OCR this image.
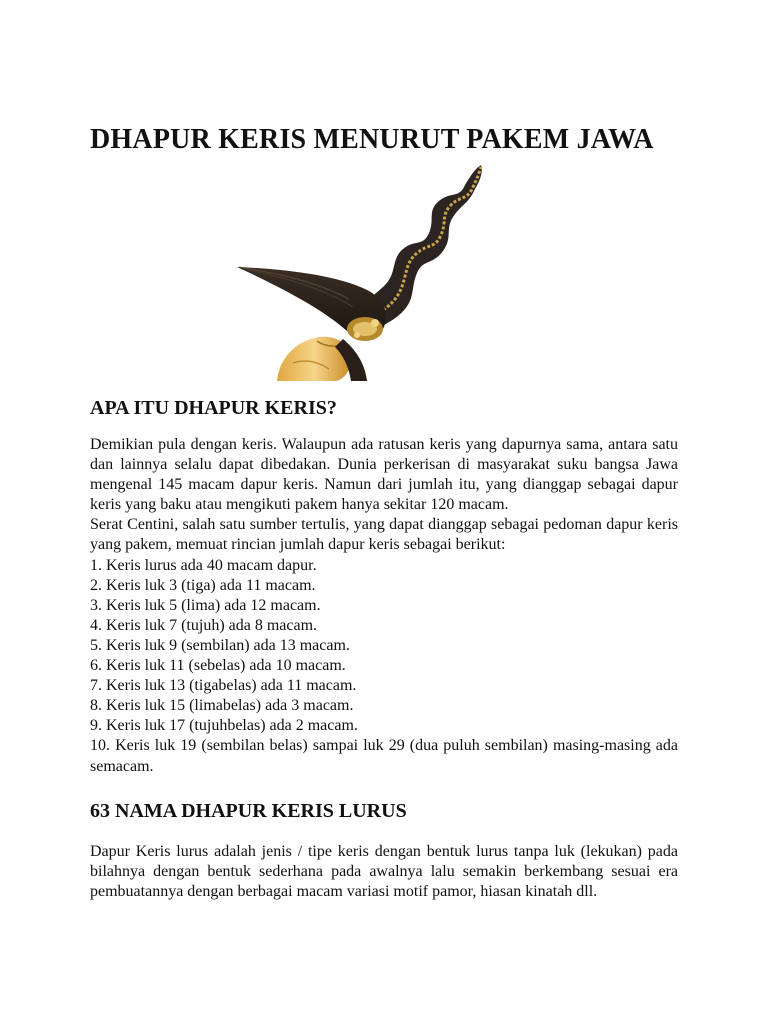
DHAPUR KERIS MENURUT PAKEM JAWA
APA ITU DHAPUR KERIS?

Demikian pula dengan keris. Walaupun ada ratusan keris yang dapurnya sama, antara satu dan lainnya selalu dapat dibedakan. Dunia perkerisan di masyarakat suku bangsa Jawa mengenal 145 macam dapur keris. Namun dari jumlah itu, yang dianggap sebagai dapur keris yang baku atau mengikuti pakem hanya sekitar 120 macam.

Serat Centini, salah satu sumber tertulis, yang dapat dianggap sebagai pedoman dapur keris yang pakem, memuat rincian jumlah dapur keris sebagai berikut:

1. Keris lurus ada 40 macam dapur.

2. Keris luk 3 (tiga) ada 11 macam.

3. Keris luk 5 (lima) ada 12 macam.

4. Keris luk 7 (tujuh) ada 8 macam.

5. Keris luk 9 (sembilan) ada 13 macam.

6. Keris luk 11 (sebelas) ada 10 macam.

7. Keris luk 13 (tigabelas) ada 11 macam.

8. Keris luk 15 (limabelas) ada 3 macam.

9. Keris luk 17 (tujuhbelas) ada 2 macam.

10. Keris luk 19 (sembilan belas) sampai luk 29 (dua puluh sembilan) masing-masing ada semacam.

63 NAMA DHAPUR KERIS LURUS

Dapur Keris lurus adalah jenis / tipe keris dengan bentuk lurus tanpa luk (lekukan) pada bilahnya dengan bentuk sederhana pada awalnya lalu semakin berkembang sesuai era pembuatannya dengan berbagai macam variasi motif pamor, hiasan kinatah dll.
